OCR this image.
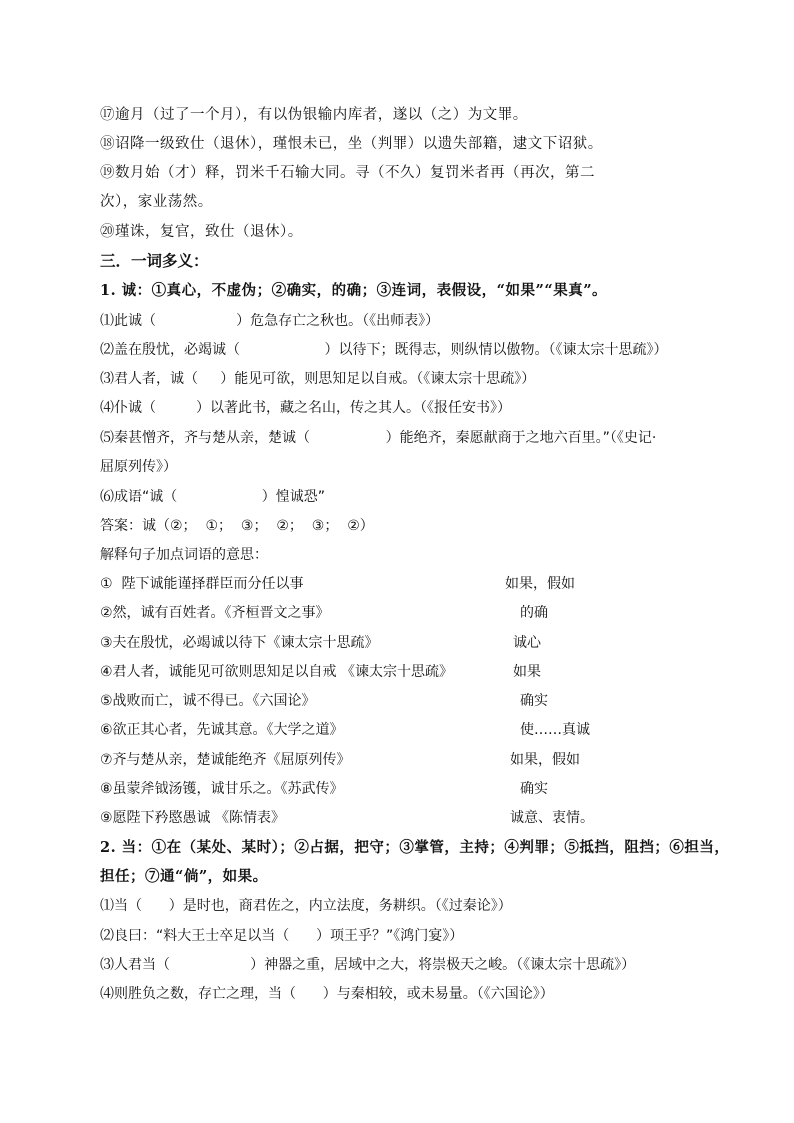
⑰逾月（过了一个月），有以伪银输内库者，遂以（之）为文罪。
⑱诏降一级致仕（退休），瑾恨未已，坐（判罪）以遗失部籍，逮文下诏狱。
⑲数月始（才）释，罚米千石输大同。寻（不久）复罚米者再（再次，第二
次），家业荡然。
⑳瑾诛，复官，致仕（退休）。
三．一词多义：
1. 诚：①真心，不虚伪；②确实，的确；③连词，表假设，“如果”“果真”。
⑴此诚（                  ）危急存亡之秋也。（《出师表》）
⑵盖在殷忧，必竭诚（                   ）以待下；既得志，则纵情以傲物。（《谏太宗十思疏》）
⑶君人者，诚（     ）能见可欲，则思知足以自戒。（《谏太宗十思疏》）
⑷仆诚（         ）以著此书，藏之名山，传之其人。（《报任安书》）
⑸秦甚憎齐，齐与楚从亲，楚诚（                 ）能绝齐，秦愿献商于之地六百里。”（《史记·
屈原列传》）
⑹成语“诚（                   ）惶诚恐”
答案：诚（②；  ①；  ③；  ②；  ③；  ②）
解释句子加点词语的意思：
①  陛下诚能谨择群臣而分任以事	如果，假如
②然，诚有百姓者。《齐桓晋文之事》	的确
③夫在殷忧，必竭诚以待下《谏太宗十思疏》	诚心
④君人者，诚能见可欲则思知足以自戒 《谏太宗十思疏》	如果
⑤战败而亡，诚不得已。《六国论》	确实
⑥欲正其心者，先诚其意。《大学之道》	使……真诚
⑦齐与楚从亲，楚诚能绝齐《屈原列传》	如果，假如
⑧虽蒙斧钺汤镬，诚甘乐之。《苏武传》	确实
⑨愿陛下矜愍愚诚 《陈情表》	诚意、衷情。
2. 当：①在（某处、某时）；②占据，把守；③掌管，主持；④判罪；⑤抵挡，阻挡；⑥担当，
担任；⑦通“倘”，如果。
⑴当（      ）是时也，商君佐之，内立法度，务耕织。（《过秦论》）
⑵良曰：“料大王士卒足以当（      ）项王乎？”《鸿门宴》）
⑶人君当（                  ）神器之重，居域中之大，将崇极天之峻。（《谏太宗十思疏》）
⑷则胜负之数，存亡之理，当（      ）与秦相较，或未易量。（《六国论》）
